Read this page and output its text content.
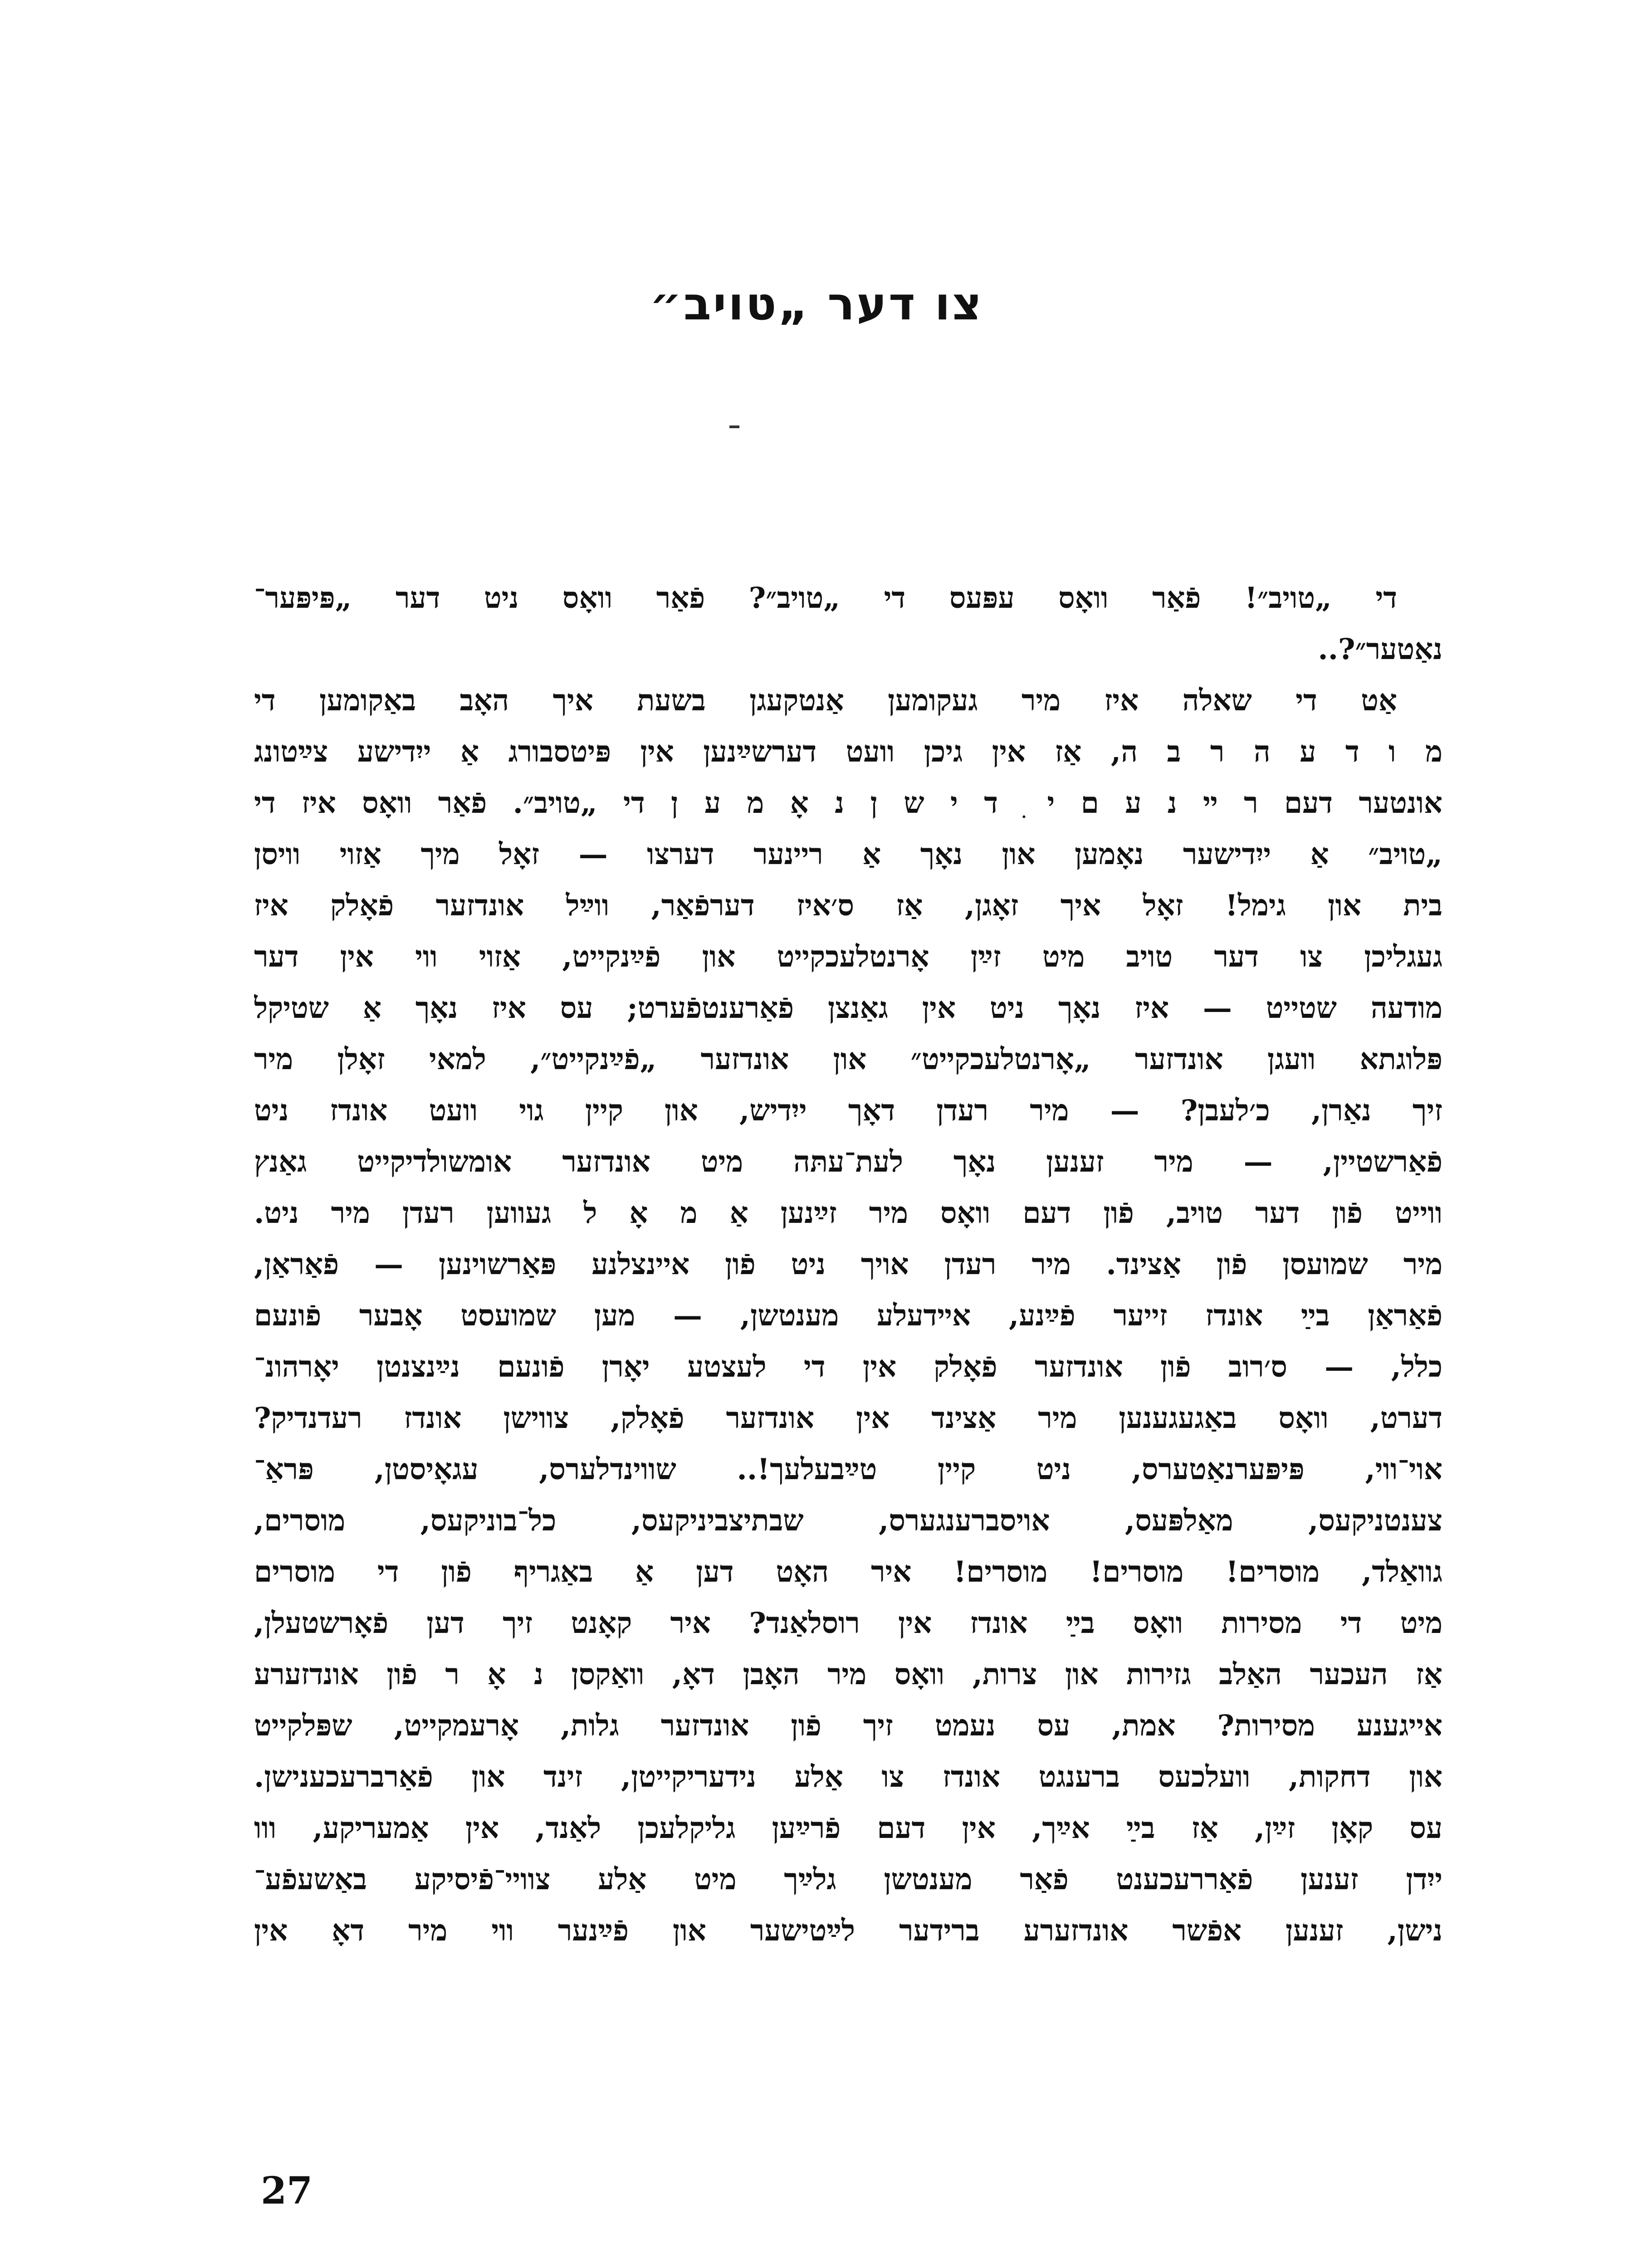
צו דער „טויב״
די „טויב״! פֿאַר וואָס עפּעס די „טויב״? פֿאַר וואָס ניט דער „פּיפּער־
נאַטער״?..
אַט די שאלה איז מיר געקומען אַנטקעגן בשעת איך האָב באַקומען די
מ ו ד ע ה ר ב ה, אַז אין גיכן וועט דערשײַנען אין פּיטסבורג אַ ייִדישע צײַטונג
אונטער דעם ר ײ נ ע ם י ִ ד י ש ן נ אָ מ ע ן די „טויב״. פֿאַר וואָס איז די
„טויב״ אַ ייִדישער נאָמען און נאָך אַ ריינער דערצו — זאָל מיך אַזוי וויסן
בית און גימל! זאָל איך זאָגן, אַז ס׳איז דערפֿאַר, ווײַל אונדזער פֿאָלק איז
געגליכן צו דער טויב מיט זײַן אָרנטלעכקייט און פֿײַנקייט, אַזוי ווי אין דער
מודעה שטייט — איז נאָך ניט אין גאַנצן פֿאַרענטפֿערט; עס איז נאָך אַ שטיקל
פּלוגתא וועגן אונדזער „אָרנטלעכקייט״ און אונדזער „פֿײַנקייט״, למאי זאָלן מיר
זיך נאַרן, כ׳לעבן? — מיר רעדן דאָך ייִדיש, און קיין גוי וועט אונדז ניט
פֿאַרשטיין, — מיר זענען נאָך לעת־עתּה מיט אונדזער אומשולדיקייט גאַנץ
ווייט פֿון דער טויב, פֿון דעם וואָס מיר זײַנען אַ מ אָ ל געווען רעדן מיר ניט.
מיר שמועסן פֿון אַצינד. מיר רעדן אויך ניט פֿון איינצלנע פּאַרשוינען — פֿאַראַן,
פֿאַראַן בײַ אונדז זייער פֿײַנע, אײדעלע מענטשן, — מען שמועסט אָבער פֿונעם
כלל, — ס׳רוב פֿון אונדזער פֿאָלק אין די לעצטע יאָרן פֿונעם נײַנצנטן יאָרהונ־
דערט, וואָס באַגעגענען מיר אַצינד אין אונדזער פֿאָלק, צווישן אונדז רעדנדיק?
אוי־ווי, פּיפּערנאַטערס, ניט קיין טײַבעלעך!.. שווינדלערס, עגאָיסטן, פּראַ־
צענטניקעס, מאַלפּעס, אויסברענגערס, שבתיצביניקעס, כל־בוניקעס, מוסרים,
גוואַלד, מוסרים! מוסרים! מוסרים! איר האָט דען אַ באַגריף פֿון די מוסרים
מיט די מסירות וואָס בײַ אונדז אין רוסלאַנד? איר קאָנט זיך דען פֿאָרשטעלן,
אַז העכער האַלב גזירות און צרות, וואָס מיר האָבן דאָ, וואַקסן נ אָ ר פֿון אונדזערע
אייגענע מסירות? אמת, עס נעמט זיך פֿון אונדזער גלות, אָרעמקייט, שפּלקייט
און דחקות, וועלכעס ברענגט אונדז צו אַלע נידעריקייטן, זינד און פֿאַרברעכענישן.
עס קאָן זײַן, אַז בײַ אײַך, אין דעם פֿרײַען גליקלעכן לאַנד, אין אַמעריקע, ווו
ייִדן זענען פֿאַררעכענט פֿאַר מענטשן גלײַך מיט אַלע צוויי־פֿיסיקע באַשעפֿע־
נישן, זענען אפֿשר אונדזערע ברידער לײַטישער און פֿײַנער ווי מיר דאָ אין
27
